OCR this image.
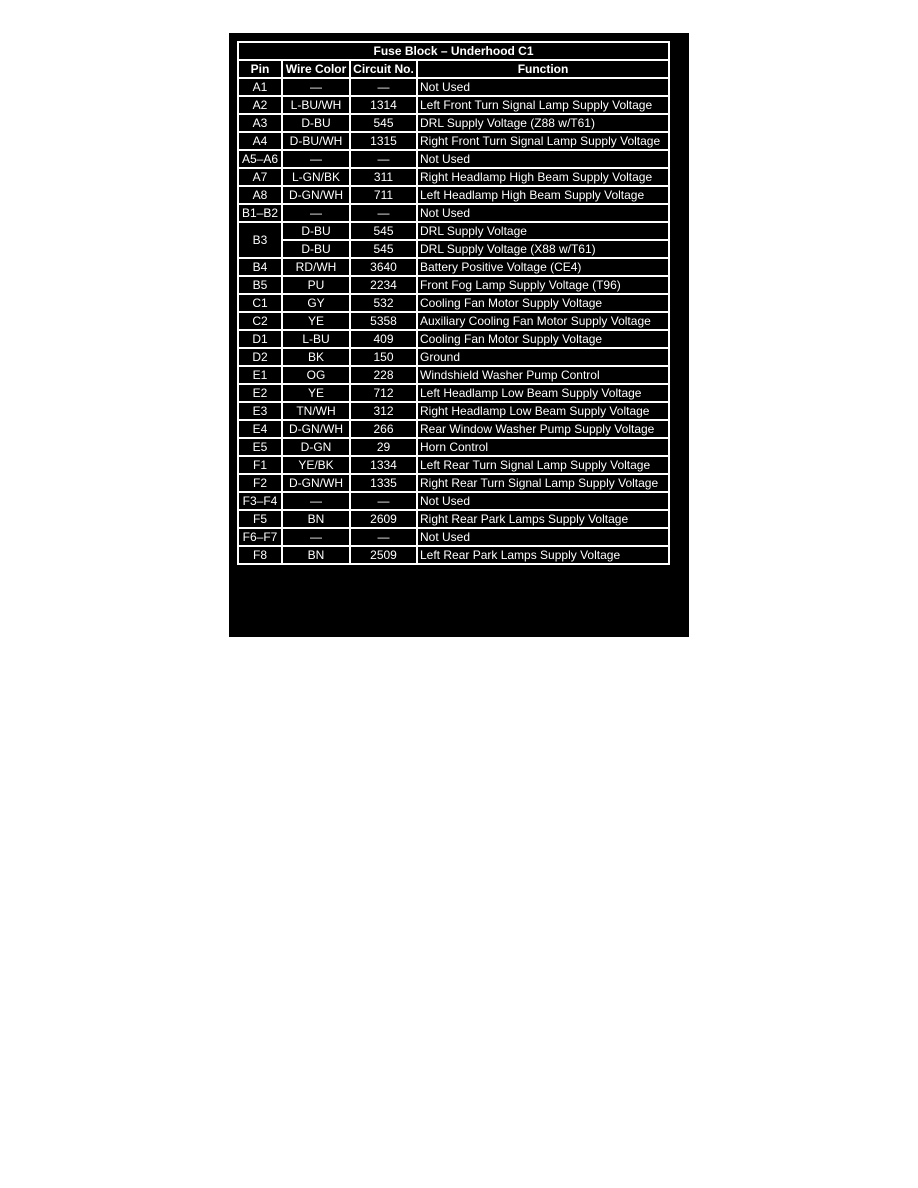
Fuse Block – Underhood C1			
Pin	Wire Color	Circuit No.	Function
A1	—	—	Not Used
A2	L-BU/WH	1314	Left Front Turn Signal Lamp Supply Voltage
A3	D-BU	545	DRL Supply Voltage (Z88 w/T61)
A4	D-BU/WH	1315	Right Front Turn Signal Lamp Supply Voltage
A5–A6	—	—	Not Used
A7	L-GN/BK	311	Right Headlamp High Beam Supply Voltage
A8	D-GN/WH	711	Left Headlamp High Beam Supply Voltage
B1–B2	—	—	Not Used
B3	D-BU	545	DRL Supply Voltage
	D-BU	545	DRL Supply Voltage (X88 w/T61)
B4	RD/WH	3640	Battery Positive Voltage (CE4)
B5	PU	2234	Front Fog Lamp Supply Voltage (T96)
C1	GY	532	Cooling Fan Motor Supply Voltage
C2	YE	5358	Auxiliary Cooling Fan Motor Supply Voltage
D1	L-BU	409	Cooling Fan Motor Supply Voltage
D2	BK	150	Ground
E1	OG	228	Windshield Washer Pump Control
E2	YE	712	Left Headlamp Low Beam Supply Voltage
E3	TN/WH	312	Right Headlamp Low Beam Supply Voltage
E4	D-GN/WH	266	Rear Window Washer Pump Supply Voltage
E5	D-GN	29	Horn Control
F1	YE/BK	1334	Left Rear Turn Signal Lamp Supply Voltage
F2	D-GN/WH	1335	Right Rear Turn Signal Lamp Supply Voltage
F3–F4	—	—	Not Used
F5	BN	2609	Right Rear Park Lamps Supply Voltage
F6–F7	—	—	Not Used
F8	BN	2509	Left Rear Park Lamps Supply Voltage
